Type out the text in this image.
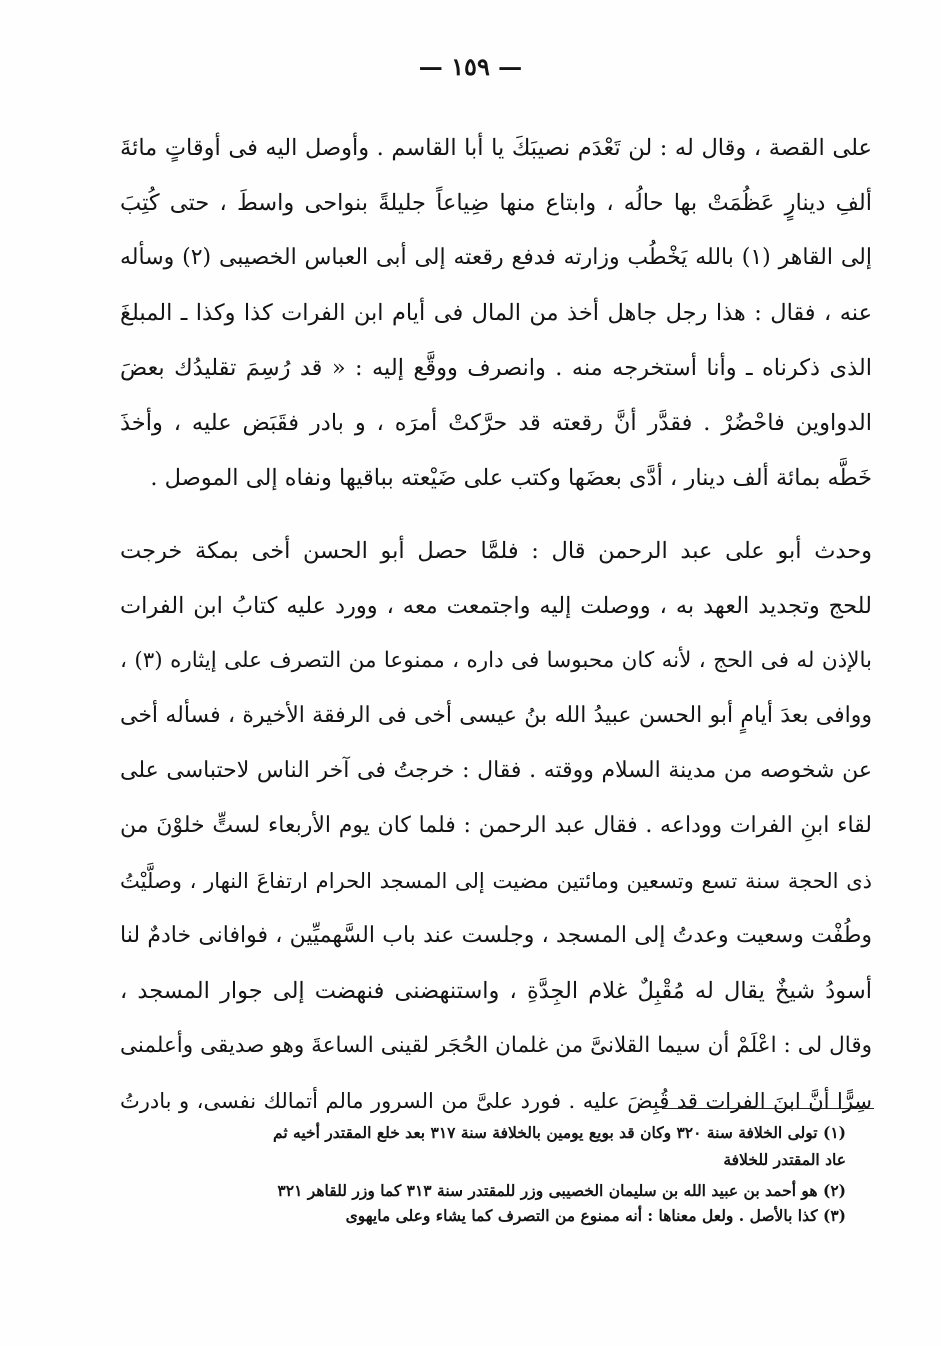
— ١٥٩ —
على القصة ، وقال له : لن تَعْدَم نصيبَكَ يا أبا القاسم . وأوصل اليه فى أوقاتٍ مائةَ
ألفِ دينارٍ عَظُمَتْ بها حالُه ، وابتاع منها ضِياعاً جليلةً بنواحى واسطَ ، حتى كُتِبَ
إلى القاهر (١) بالله يَخْطُب وزارته فدفع رقعته إلى أبى العباس الخصيبى (٢) وسأله
عنه ، فقال : هذا رجل جاهل أخذ من المال فى أيام ابن الفرات كذا وكذا ـ المبلغَ
الذى ذكرناه ـ وأنا أستخرجه منه . وانصرف ووقَّع إليه : « قد رُسِمَ تقليدُك بعضَ
الدواوين فاحْضُرْ . فقدَّر أنَّ رقعته قد حرَّكتْ أمرَه ، و بادر فقَبَض عليه ، وأخذَ
خَطَّه بمائة ألف دينار ، أدَّى بعضَها وكتب على ضَيْعته بباقيها ونفاه إلى الموصل .
وحدث أبو على عبد الرحمن قال : فلمَّا حصل أبو الحسن أخى بمكة خرجت
للحج وتجديد العهد به ، ووصلت إليه واجتمعت معه ، وورد عليه كتابُ ابن الفرات
بالإذن له فى الحج ، لأنه كان محبوسا فى داره ، ممنوعا من التصرف على إيثاره (٣) ،
ووافى بعدَ أيامٍ أبو الحسن عبيدُ الله بنُ عيسى أخى فى الرفقة الأخيرة ، فسأله أخى
عن شخوصه من مدينة السلام ووقته . فقال : خرجتُ فى آخر الناس لاحتباسى على
لقاء ابنِ الفرات ووداعه . فقال عبد الرحمن : فلما كان يوم الأربعاء لستٍّ خلوْنَ من
ذى الحجة سنة تسع وتسعين ومائتين مضيت إلى المسجد الحرام ارتفاعَ النهار ، وصلَّيْتُ
وطُفْت وسعيت وعدتُ إلى المسجد ، وجلست عند باب السَّهميِّين ، فوافانى خادمٌ لنا
أسودُ شيخٌ يقال له مُقْبِلٌ غلام الجِدَّةِ ، واستنهضنى فنهضت إلى جوار المسجد ،
وقال لى : اعْلَمْ أن سيما القلانىَّ من غلمان الحُجَر لقينى الساعةَ وهو صديقى وأعلمنى
سِرًّا أنَّ ابنَ الفرات قد قُبِضَ عليه . فورد علىَّ من السرور مالم أتمالك نفسى، و بادرتُ
(١) تولى الخلافة سنة ٣٢٠ وكان قد بويع يومين بالخلافة سنة ٣١٧ بعد خلع المقتدر أخيه ثم
عاد المقتدر للخلافة
(٢) هو أحمد بن عبيد الله بن سليمان الخصيبى وزر للمقتدر سنة ٣١٣ كما وزر للقاهر ٣٢١
(٣) كذا بالأصل . ولعل معناها : أنه ممنوع من التصرف كما يشاء وعلى مايهوى
